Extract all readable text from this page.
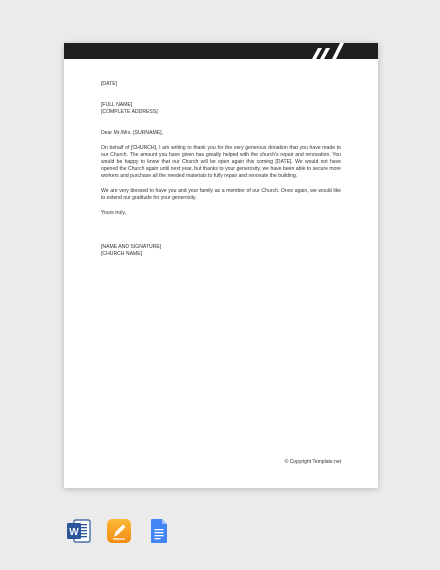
[DATE]

[FULL NAME]

[COMPLETE ADDRESS]

Dear Mr./Mrs. [SURNAME],

On behalf of [CHURCH], I am writing to thank you for the very generous donation that you have made to our Church. The amount you have given has greatly helped with the church's repair and renovation. You would be happy to know that our Church will be open again this coming [DATE]. We would not have opened the Church again until next year, but thanks to your generosity, we have been able to secure more workers and purchase all the needed materials to fully repair and renovate the building.

We are very blessed to have you and your family as a member of our Church. Once again, we would like to extend our gratitude for your generosity.

Yours truly,

[NAME AND SIGNATURE]

[CHURCH NAME]

© Copyright Template.net
W
